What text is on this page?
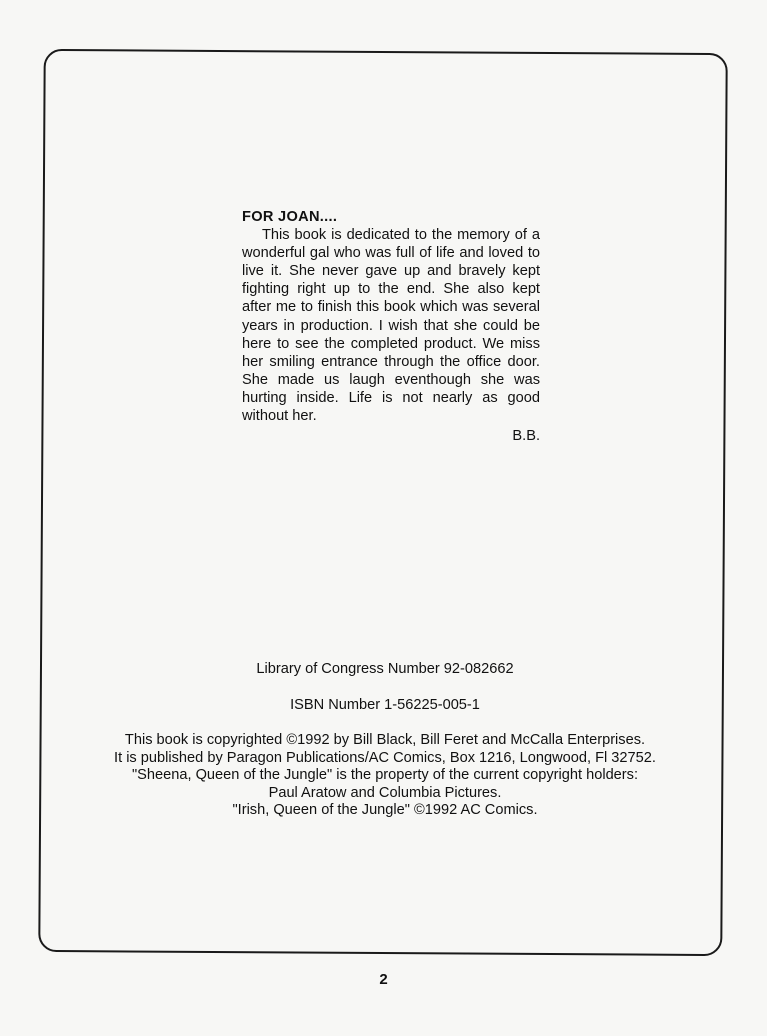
FOR JOAN....

This book is dedicated to the memory of a wonderful gal who was full of life and loved to live it. She never gave up and bravely kept fighting right up to the end. She also kept after me to finish this book which was several years in production. I wish that she could be here to see the completed product. We miss her smiling entrance through the office door. She made us laugh eventhough she was hurting inside. Life is not nearly as good without her.

B.B.
Library of Congress Number 92-082662
ISBN Number 1-56225-005-1
This book is copyrighted ©1992 by Bill Black, Bill Feret and McCalla Enterprises.
It is published by Paragon Publications/AC Comics, Box 1216, Longwood, Fl 32752.
"Sheena, Queen of the Jungle" is the property of the current copyright holders:
Paul Aratow and Columbia Pictures.
"Irish, Queen of the Jungle" ©1992 AC Comics.
2
